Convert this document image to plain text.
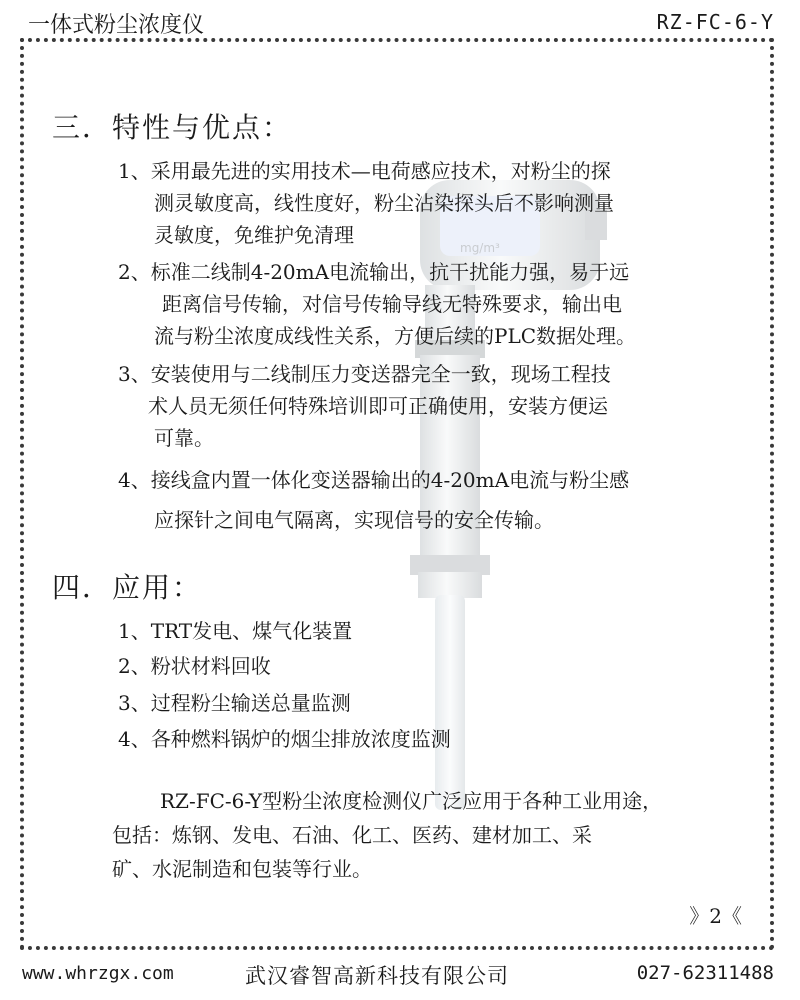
一体式粉尘浓度仪	RZ-FC-6-Y
mg/m³
三．特性与优点：
1、采用最先进的实用技术—电荷感应技术，对粉尘的探
测灵敏度高，线性度好，粉尘沾染探头后不影响测量
灵敏度，免维护免清理
2、标准二线制4-20mA电流输出，抗干扰能力强，易于远
距离信号传输，对信号传输导线无特殊要求，输出电
流与粉尘浓度成线性关系，方便后续的PLC数据处理。
3、安装使用与二线制压力变送器完全一致，现场工程技
术人员无须任何特殊培训即可正确使用，安装方便运
可靠。
4、接线盒内置一体化变送器输出的4-20mA电流与粉尘感
应探针之间电气隔离，实现信号的安全传输。
四．应用：
1、TRT发电、煤气化装置
2、粉状材料回收
3、过程粉尘输送总量监测
4、各种燃料锅炉的烟尘排放浓度监测
RZ-FC-6-Y型粉尘浓度检测仪广泛应用于各种工业用途，
包括：炼钢、发电、石油、化工、医药、建材加工、采
矿、水泥制造和包装等行业。
》2《
www.whrzgx.com	武汉睿智高新科技有限公司	027-62311488
